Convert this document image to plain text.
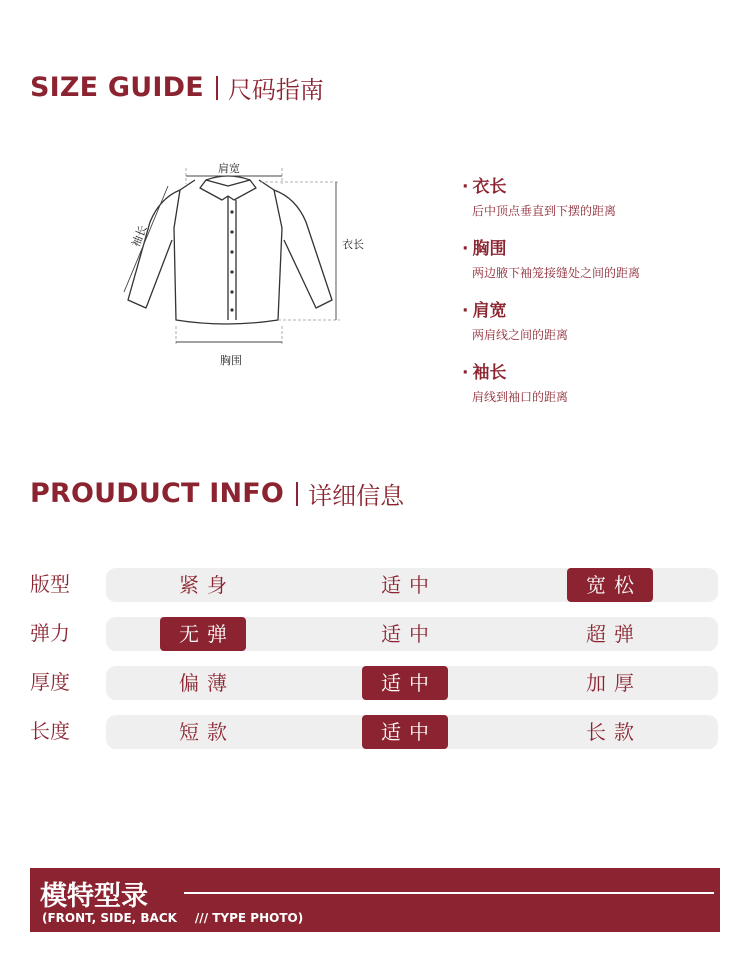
SIZE GUIDE 尺码指南
肩宽
衣长
袖长
胸围
· 衣长
后中顶点垂直到下摆的距离
· 胸围
两边腋下袖笼接缝处之间的距离
· 肩宽
两肩线之间的距离
· 袖长
肩线到袖口的距离
PROUDUCT INFO 详细信息
版型	紧身	适中	宽松
弹力	无弹	适中	超弹
厚度	偏薄	适中	加厚
长度	短款	适中	长款
模特型录
(FRONT, SIDE, BACK /// TYPE PHOTO)
